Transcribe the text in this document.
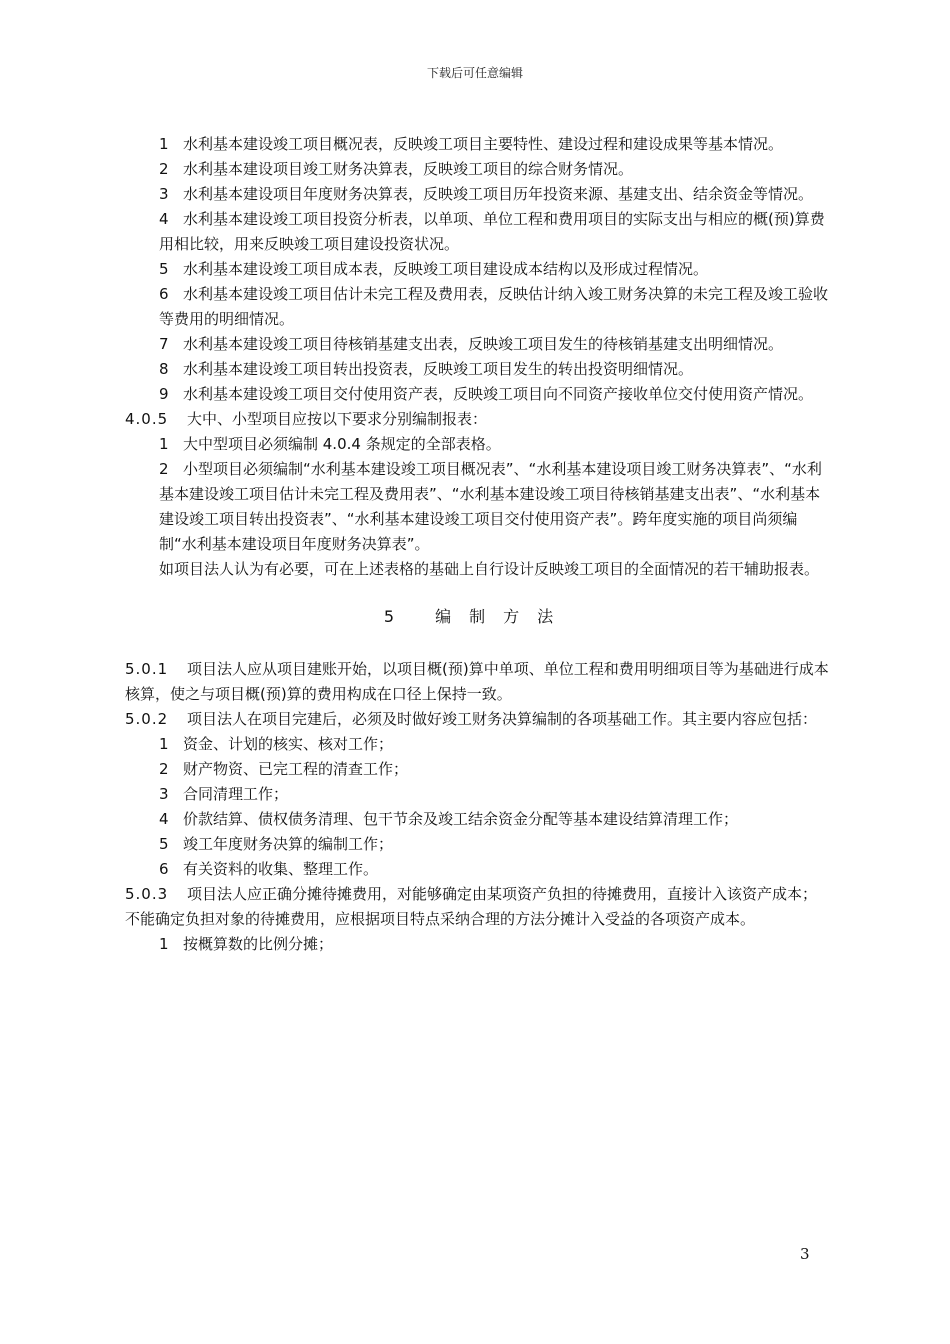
下载后可任意编辑

1 水利基本建设竣工项目概况表，反映竣工项目主要特性、建设过程和建设成果等基本情况。

2 水利基本建设项目竣工财务决算表，反映竣工项目的综合财务情况。

3 水利基本建设项目年度财务决算表，反映竣工项目历年投资来源、基建支出、结余资金等情况。

4 水利基本建设竣工项目投资分析表，以单项、单位工程和费用项目的实际支出与相应的概(预)算费用相比较，用来反映竣工项目建设投资状况。

5 水利基本建设竣工项目成本表，反映竣工项目建设成本结构以及形成过程情况。

6 水利基本建设竣工项目估计未完工程及费用表，反映估计纳入竣工财务决算的未完工程及竣工验收等费用的明细情况。

7 水利基本建设竣工项目待核销基建支出表，反映竣工项目发生的待核销基建支出明细情况。

8 水利基本建设竣工项目转出投资表，反映竣工项目发生的转出投资明细情况。

9 水利基本建设竣工项目交付使用资产表，反映竣工项目向不同资产接收单位交付使用资产情况。

4.0.5 大中、小型项目应按以下要求分别编制报表：

1 大中型项目必须编制 4.0.4 条规定的全部表格。

2 小型项目必须编制“水利基本建设竣工项目概况表”、“水利基本建设项目竣工财务决算表”、“水利基本建设竣工项目估计未完工程及费用表”、“水利基本建设竣工项目待核销基建支出表”、“水利基本建设竣工项目转出投资表”、“水利基本建设竣工项目交付使用资产表”。跨年度实施的项目尚须编制“水利基本建设项目年度财务决算表”。

如项目法人认为有必要，可在上述表格的基础上自行设计反映竣工项目的全面情况的若干辅助报表。

5 编制方法

5.0.1 项目法人应从项目建账开始，以项目概(预)算中单项、单位工程和费用明细项目等为基础进行成本核算，使之与项目概(预)算的费用构成在口径上保持一致。

5.0.2 项目法人在项目完建后，必须及时做好竣工财务决算编制的各项基础工作。其主要内容应包括：

1 资金、计划的核实、核对工作；

2 财产物资、已完工程的清查工作；

3 合同清理工作；

4 价款结算、债权债务清理、包干节余及竣工结余资金分配等基本建设结算清理工作；

5 竣工年度财务决算的编制工作；

6 有关资料的收集、整理工作。

5.0.3 项目法人应正确分摊待摊费用，对能够确定由某项资产负担的待摊费用，直接计入该资产成本；不能确定负担对象的待摊费用，应根据项目特点采纳合理的方法分摊计入受益的各项资产成本。

1 按概算数的比例分摊；

3
